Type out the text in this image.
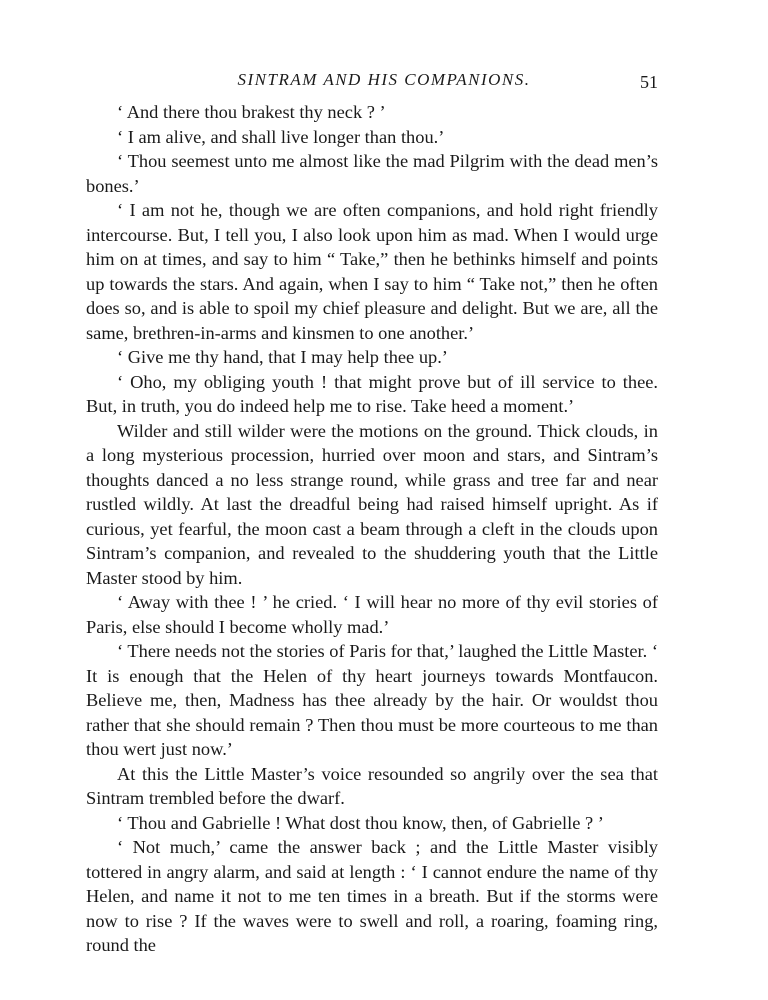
SINTRAM AND HIS COMPANIONS.	51

‘ And there thou brakest thy neck ? ’

‘ I am alive, and shall live longer than thou.’

‘ Thou seemest unto me almost like the mad Pilgrim with the dead men’s bones.’

‘ I am not he, though we are often companions, and hold right friendly intercourse. But, I tell you, I also look upon him as mad. When I would urge him on at times, and say to him “ Take,” then he bethinks himself and points up towards the stars. And again, when I say to him “ Take not,” then he often does so, and is able to spoil my chief pleasure and delight. But we are, all the same, brethren-in-arms and kinsmen to one another.’

‘ Give me thy hand, that I may help thee up.’

‘ Oho, my obliging youth ! that might prove but of ill service to thee. But, in truth, you do indeed help me to rise. Take heed a moment.’

Wilder and still wilder were the motions on the ground. Thick clouds, in a long mysterious procession, hurried over moon and stars, and Sintram’s thoughts danced a no less strange round, while grass and tree far and near rustled wildly. At last the dreadful being had raised himself upright. As if curious, yet fearful, the moon cast a beam through a cleft in the clouds upon Sintram’s companion, and revealed to the shuddering youth that the Little Master stood by him.

‘ Away with thee ! ’ he cried. ‘ I will hear no more of thy evil stories of Paris, else should I become wholly mad.’

‘ There needs not the stories of Paris for that,’ laughed the Little Master. ‘ It is enough that the Helen of thy heart journeys towards Montfaucon. Believe me, then, Madness has thee already by the hair. Or wouldst thou rather that she should remain ? Then thou must be more courteous to me than thou wert just now.’

At this the Little Master’s voice resounded so angrily over the sea that Sintram trembled before the dwarf.

‘ Thou and Gabrielle ! What dost thou know, then, of Gabrielle ? ’

‘ Not much,’ came the answer back ; and the Little Master visibly tottered in angry alarm, and said at length : ‘ I cannot endure the name of thy Helen, and name it not to me ten times in a breath. But if the storms were now to rise ? If the waves were to swell and roll, a roaring, foaming ring, round the
